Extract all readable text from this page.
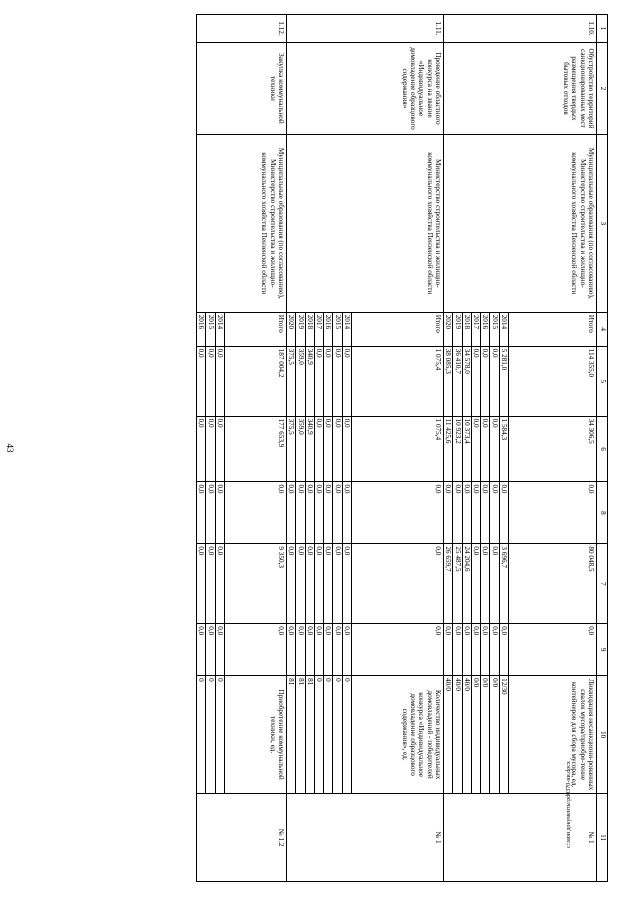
43
c:\мои документы\pd0370-ни.docx
1	2	3	4	5	6	8	7	9	10	11
1.10.	Обустройство территорий санкционированных мест размещения твердых бытовых отходов	Муниципальные образования (по согласованию), Министерство строительства и жилищно-коммунального хозяйства Пензенской области	Итого	114 355,0	34 306,5	0,0	80 048,5	0,0	Ликвидация несанкциони-рованных свалок мусора/приобре-тение контейнеров для сбора мусора, ед.	№ 1
			2014	5 281,0	1 584,3	0,0	3 696,7	0,0	12/30	
			2015	0,0	0,0	0,0	0,0	0,0	0/0	
			2016	0,0	0,0	0,0	0,0	0,0	0/0	
			2017	0,0	0,0	0,0	0,0	0,0	0/0	
			2018	34 578,0	10 373,4	0,0	24 204,6	0,0	40/0	
			2019	36 410,7	10 923,2	0,0	25 487,5	0,0	40/0	
			2020	38 085,3	11 425,6	0,0	26 659,7	0,0	40/0	
1.11.	Проведение областного конкурса на звание «Индивидуальное домовладение образцового содержания»	Министерство строительства и жилищно-коммунального хозяйства Пензенской области	Итого	1 075,4	1 075,4	0,0	0,0	0,0	Количество индивидуальных домовладений - победителей конкурса «Индивидуальное домовладение образцового содержания», ед.	№ 1
			2014	0,0	0,0	0,0	0,0	0,0	0	
			2015	0,0	0,0	0,0	0,0	0,0	0	
			2016	0,0	0,0	0,0	0,0	0,0	0	
			2017	0,0	0,0	0,0	0,0	0,0	0	
			2018	340,9	340,9	0,0	0,0	0,0	81	
			2019	359,0	359,0	0,0	0,0	0,0	81	
			2020	375,5	375,5	0,0	0,0	0,0	81	
1.12.	Закупка коммунальной техники	Муниципальные образования (по согласованию), Министерство строительства и жилищно-коммунального хозяйства Пензенской области	Итого	187 004,2	177 653,9	0,0	9 350,3	0,0	Приобретение коммунальной техники, ед.	№ 1.2
			2014	0,0	0,0	0,0	0,0	0,0	0	
			2015	0,0	0,0	0,0	0,0	0,0	0	
			2016	0,0	0,0	0,0	0,0	0,0	0	
